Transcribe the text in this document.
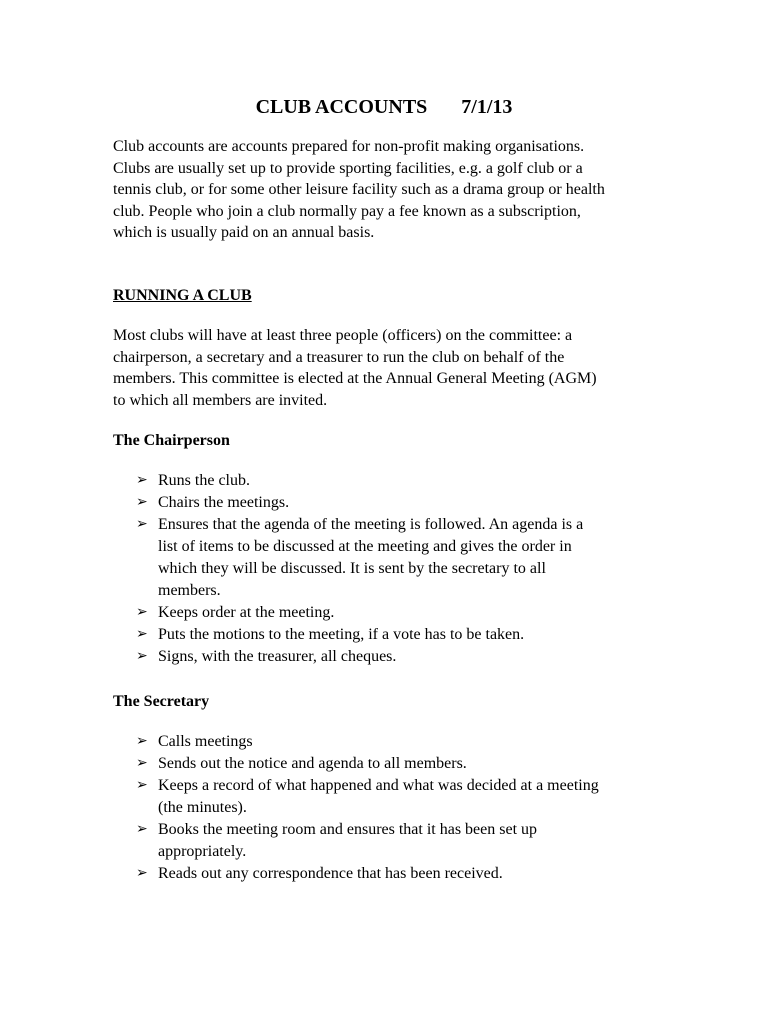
CLUB ACCOUNTS 7/1/13
Club accounts are accounts prepared for non-profit making organisations.
Clubs are usually set up to provide sporting facilities, e.g. a golf club or a
tennis club, or for some other leisure facility such as a drama group or health
club. People who join a club normally pay a fee known as a subscription,
which is usually paid on an annual basis.
RUNNING A CLUB
Most clubs will have at least three people (officers) on the committee: a
chairperson, a secretary and a treasurer to run the club on behalf of the
members. This committee is elected at the Annual General Meeting (AGM)
to which all members are invited.
The Chairperson
➢ Runs the club.
➢ Chairs the meetings.
➢ Ensures that the agenda of the meeting is followed. An agenda is a
list of items to be discussed at the meeting and gives the order in
which they will be discussed. It is sent by the secretary to all
members.
➢ Keeps order at the meeting.
➢ Puts the motions to the meeting, if a vote has to be taken.
➢ Signs, with the treasurer, all cheques.
The Secretary
➢ Calls meetings
➢ Sends out the notice and agenda to all members.
➢ Keeps a record of what happened and what was decided at a meeting
(the minutes).
➢ Books the meeting room and ensures that it has been set up
appropriately.
➢ Reads out any correspondence that has been received.
